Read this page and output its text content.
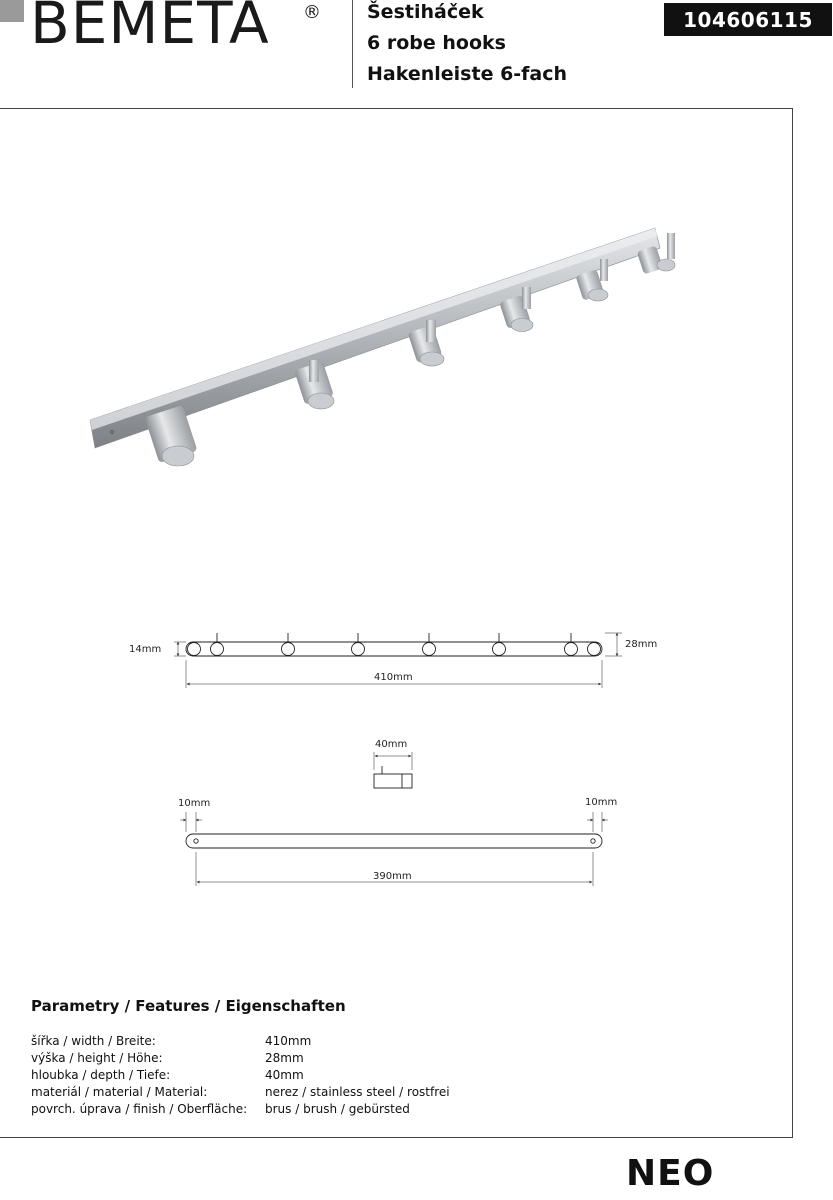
BEMETA ® Šestiháček
6 robe hooks
Hakenleiste 6-fach
104606115
14mm	28mm
410mm
40mm
10mm	10mm
390mm
Parametry / Features / Eigenschaften
šířka / width / Breite:	410mm
výška / height / Höhe:	28mm
hloubka / depth / Tiefe:	40mm
materiál / material / Material:	nerez / stainless steel / rostfrei
povrch. úprava / finish / Oberfläche: brus / brush / gebürsted
NEO
